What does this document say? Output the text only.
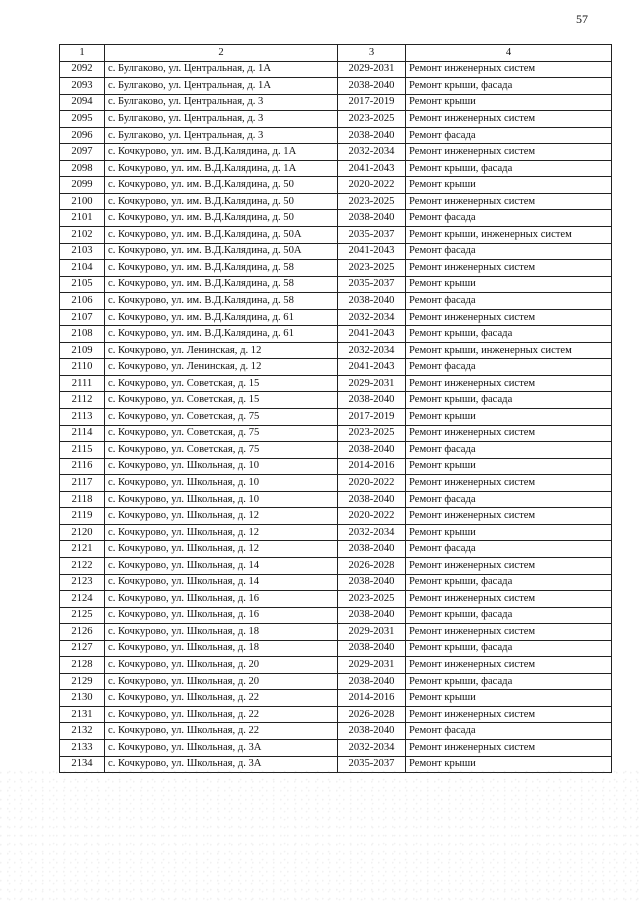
57
1	2	3	4
2092	с. Булгаково, ул. Центральная, д. 1А	2029-2031	Ремонт инженерных систем
2093	с. Булгаково, ул. Центральная, д. 1А	2038-2040	Ремонт крыши, фасада
2094	с. Булгаково, ул. Центральная, д. 3	2017-2019	Ремонт крыши
2095	с. Булгаково, ул. Центральная, д. 3	2023-2025	Ремонт инженерных систем
2096	с. Булгаково, ул. Центральная, д. 3	2038-2040	Ремонт фасада
2097	с. Кочкурово, ул. им. В.Д.Калядина, д. 1А	2032-2034	Ремонт инженерных систем
2098	с. Кочкурово, ул. им. В.Д.Калядина, д. 1А	2041-2043	Ремонт крыши, фасада
2099	с. Кочкурово, ул. им. В.Д.Калядина, д. 50	2020-2022	Ремонт крыши
2100	с. Кочкурово, ул. им. В.Д.Калядина, д. 50	2023-2025	Ремонт инженерных систем
2101	с. Кочкурово, ул. им. В.Д.Калядина, д. 50	2038-2040	Ремонт фасада
2102	с. Кочкурово, ул. им. В.Д.Калядина, д. 50А	2035-2037	Ремонт крыши, инженерных систем
2103	с. Кочкурово, ул. им. В.Д.Калядина, д. 50А	2041-2043	Ремонт фасада
2104	с. Кочкурово, ул. им. В.Д.Калядина, д. 58	2023-2025	Ремонт инженерных систем
2105	с. Кочкурово, ул. им. В.Д.Калядина, д. 58	2035-2037	Ремонт крыши
2106	с. Кочкурово, ул. им. В.Д.Калядина, д. 58	2038-2040	Ремонт фасада
2107	с. Кочкурово, ул. им. В.Д.Калядина, д. 61	2032-2034	Ремонт инженерных систем
2108	с. Кочкурово, ул. им. В.Д.Калядина, д. 61	2041-2043	Ремонт крыши, фасада
2109	с. Кочкурово, ул. Ленинская, д. 12	2032-2034	Ремонт крыши, инженерных систем
2110	с. Кочкурово, ул. Ленинская, д. 12	2041-2043	Ремонт фасада
2111	с. Кочкурово, ул. Советская, д. 15	2029-2031	Ремонт инженерных систем
2112	с. Кочкурово, ул. Советская, д. 15	2038-2040	Ремонт крыши, фасада
2113	с. Кочкурово, ул. Советская, д. 75	2017-2019	Ремонт крыши
2114	с. Кочкурово, ул. Советская, д. 75	2023-2025	Ремонт инженерных систем
2115	с. Кочкурово, ул. Советская, д. 75	2038-2040	Ремонт фасада
2116	с. Кочкурово, ул. Школьная, д. 10	2014-2016	Ремонт крыши
2117	с. Кочкурово, ул. Школьная, д. 10	2020-2022	Ремонт инженерных систем
2118	с. Кочкурово, ул. Школьная, д. 10	2038-2040	Ремонт фасада
2119	с. Кочкурово, ул. Школьная, д. 12	2020-2022	Ремонт инженерных систем
2120	с. Кочкурово, ул. Школьная, д. 12	2032-2034	Ремонт крыши
2121	с. Кочкурово, ул. Школьная, д. 12	2038-2040	Ремонт фасада
2122	с. Кочкурово, ул. Школьная, д. 14	2026-2028	Ремонт инженерных систем
2123	с. Кочкурово, ул. Школьная, д. 14	2038-2040	Ремонт крыши, фасада
2124	с. Кочкурово, ул. Школьная, д. 16	2023-2025	Ремонт инженерных систем
2125	с. Кочкурово, ул. Школьная, д. 16	2038-2040	Ремонт крыши, фасада
2126	с. Кочкурово, ул. Школьная, д. 18	2029-2031	Ремонт инженерных систем
2127	с. Кочкурово, ул. Школьная, д. 18	2038-2040	Ремонт крыши, фасада
2128	с. Кочкурово, ул. Школьная, д. 20	2029-2031	Ремонт инженерных систем
2129	с. Кочкурово, ул. Школьная, д. 20	2038-2040	Ремонт крыши, фасада
2130	с. Кочкурово, ул. Школьная, д. 22	2014-2016	Ремонт крыши
2131	с. Кочкурово, ул. Школьная, д. 22	2026-2028	Ремонт инженерных систем
2132	с. Кочкурово, ул. Школьная, д. 22	2038-2040	Ремонт фасада
2133	с. Кочкурово, ул. Школьная, д. 3А	2032-2034	Ремонт инженерных систем
2134	с. Кочкурово, ул. Школьная, д. 3А	2035-2037	Ремонт крыши
